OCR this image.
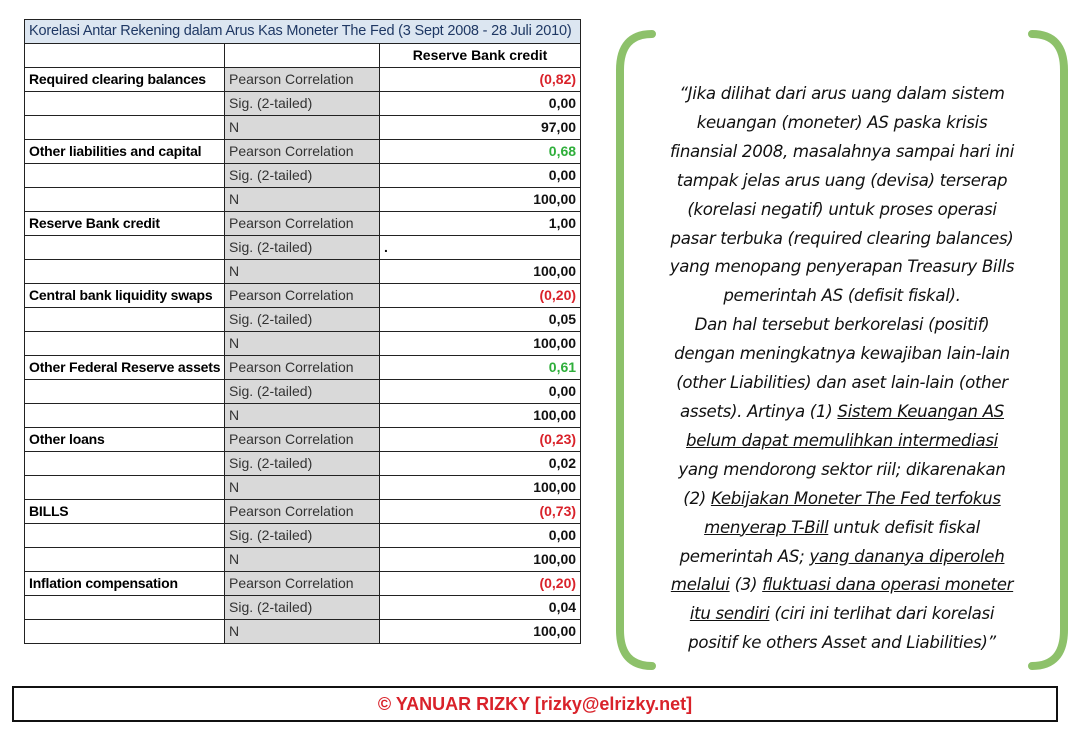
Korelasi Antar Rekening dalam Arus Kas Moneter The Fed (3 Sept 2008 - 28 Juli 2010)		
		Reserve Bank credit
Required clearing balances	Pearson Correlation	(0,82)
	Sig. (2-tailed)	0,00
	N	97,00
Other liabilities and capital	Pearson Correlation	0,68
	Sig. (2-tailed)	0,00
	N	100,00
Reserve Bank credit	Pearson Correlation	1,00
	Sig. (2-tailed)	.
	N	100,00
Central bank liquidity swaps	Pearson Correlation	(0,20)
	Sig. (2-tailed)	0,05
	N	100,00
Other Federal Reserve assets	Pearson Correlation	0,61
	Sig. (2-tailed)	0,00
	N	100,00
Other loans	Pearson Correlation	(0,23)
	Sig. (2-tailed)	0,02
	N	100,00
BILLS	Pearson Correlation	(0,73)
	Sig. (2-tailed)	0,00
	N	100,00
Inflation compensation	Pearson Correlation	(0,20)
	Sig. (2-tailed)	0,04
	N	100,00
“Jika dilihat dari arus uang dalam sistem
keuangan (moneter) AS paska krisis
finansial 2008, masalahnya sampai hari ini
tampak jelas arus uang (devisa) terserap
(korelasi negatif) untuk proses operasi
pasar terbuka (required clearing balances)
yang menopang penyerapan Treasury Bills
pemerintah AS (defisit fiskal).
Dan hal tersebut berkorelasi (positif)
dengan meningkatnya kewajiban lain-lain
(other Liabilities) dan aset lain-lain (other
assets). Artinya (1) Sistem Keuangan AS
belum dapat memulihkan intermediasi
yang mendorong sektor riil; dikarenakan
(2) Kebijakan Moneter The Fed terfokus
menyerap T-Bill untuk defisit fiskal
pemerintah AS; yang dananya diperoleh
melalui (3) fluktuasi dana operasi moneter
itu sendiri (ciri ini terlihat dari korelasi
positif ke others Asset and Liabilities)”
© YANUAR RIZKY [rizky@elrizky.net]
